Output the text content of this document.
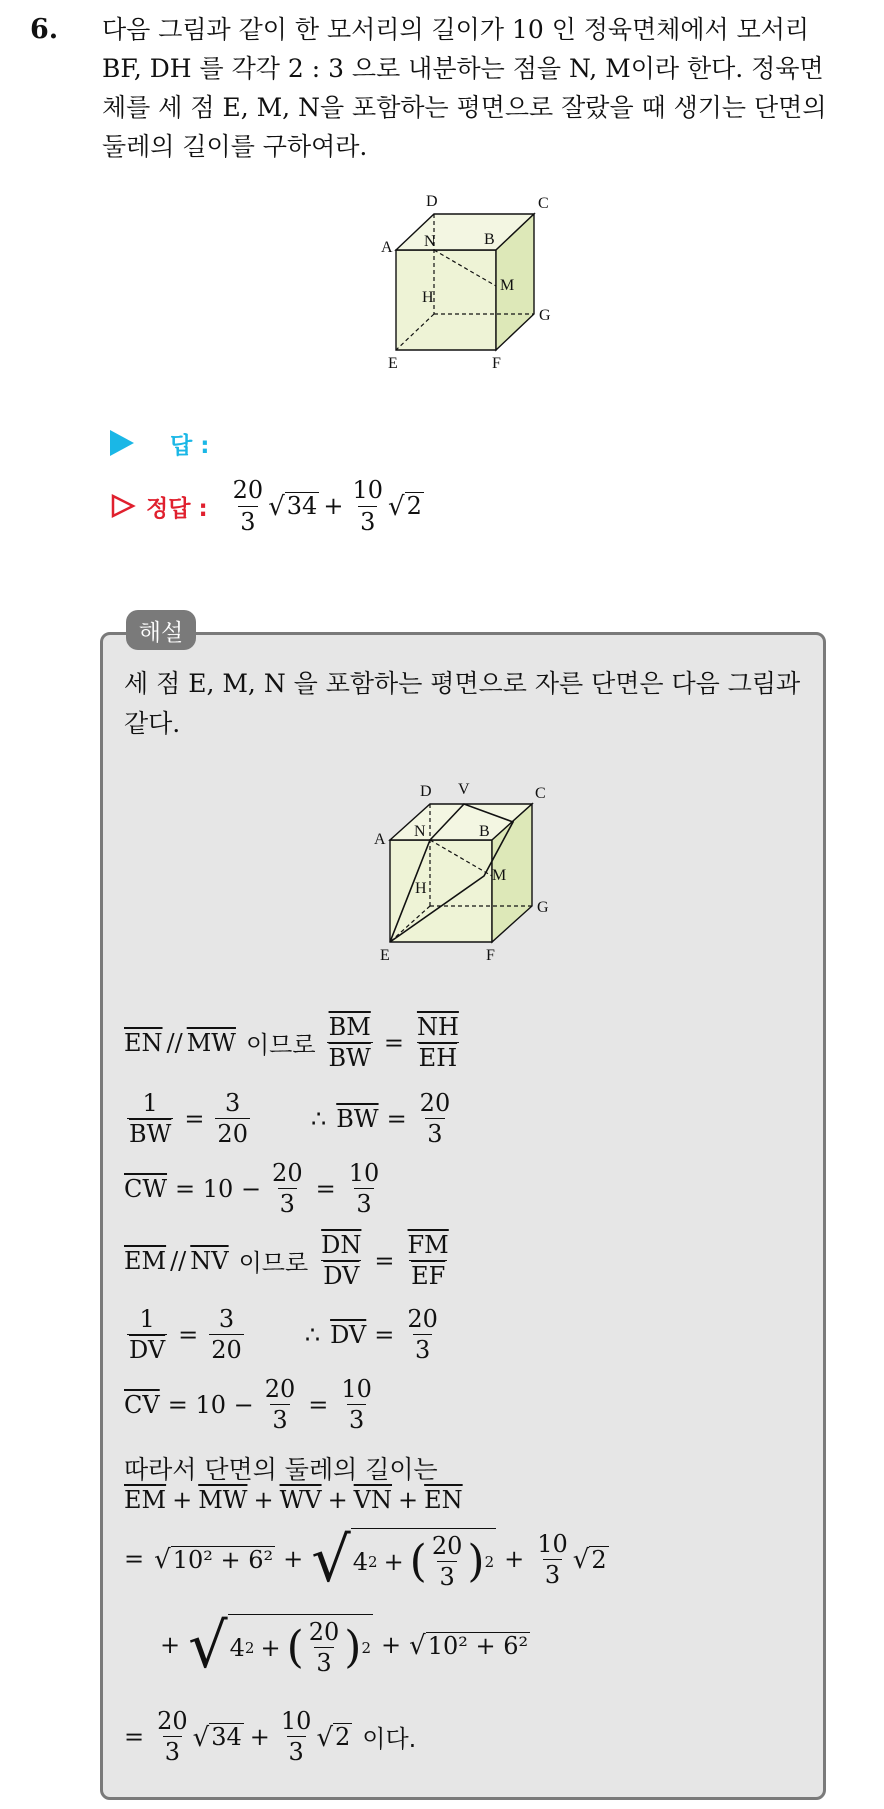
6. 다음 그림과 같이 한 모서리의 길이가 10 인 정육면체에서 모서리

BF, DH 를 각각 2 : 3 으로 내분하는 점을 N, M이라 한다. 정육면

체를 세 점 E, M, N을 포함하는 평면으로 잘랐을 때 생기는 단면의

둘레의 길이를 구하여라.

D	C
A N	B
M
H
G
E	F
답 :
정답 : $\frac{20}{3}$ √ $34 + \frac{10}{3}$ √ 2
해설
세 점 E, M, N 을 포함하는 평면으로 자른 단면은 다음 그림과
같다.
D V	C
A N	B
M
H
G
E	F
$\overline{EN} // \overline{MW}$ 이므로 $\frac{\overline{BM}}{BW} = \frac{\overline{NH}}{EH}$
$\frac{1}{BW} = \frac{3}{20}$	∴ $\overline{BW} = \frac{20}{3}$
$\overline{CW} = 10 - \frac{20}{3} = \frac{10}{3}$
$\overline{EM} // \overline{NV}$ 이므로 $\frac{\overline{DN}}{DV} = \frac{\overline{FM}}{EF}$
$\frac{1}{DV} = \frac{3}{20}$	∴ $\overline{DV} = \frac{20}{3}$
$\overline{CV} = 10 - \frac{20}{3} = \frac{10}{3}$
따라서 단면의 둘레의 길이는
$\overline{EM} + \overline{MW} + \overline{WV} + \overline{VN} + \overline{EN}$
= √ 10² + 6² + √ 4 2 + ( $\frac{20}{3}$ ) $2 + \frac{10}{3}$ √ 2
+ √ 4 2 + ( $\frac{20}{3}$ ) 2 + √ 10² + 6²
= $\frac{20}{3}$ √ $34 + \frac{10}{3}$ √ 2 이다.
